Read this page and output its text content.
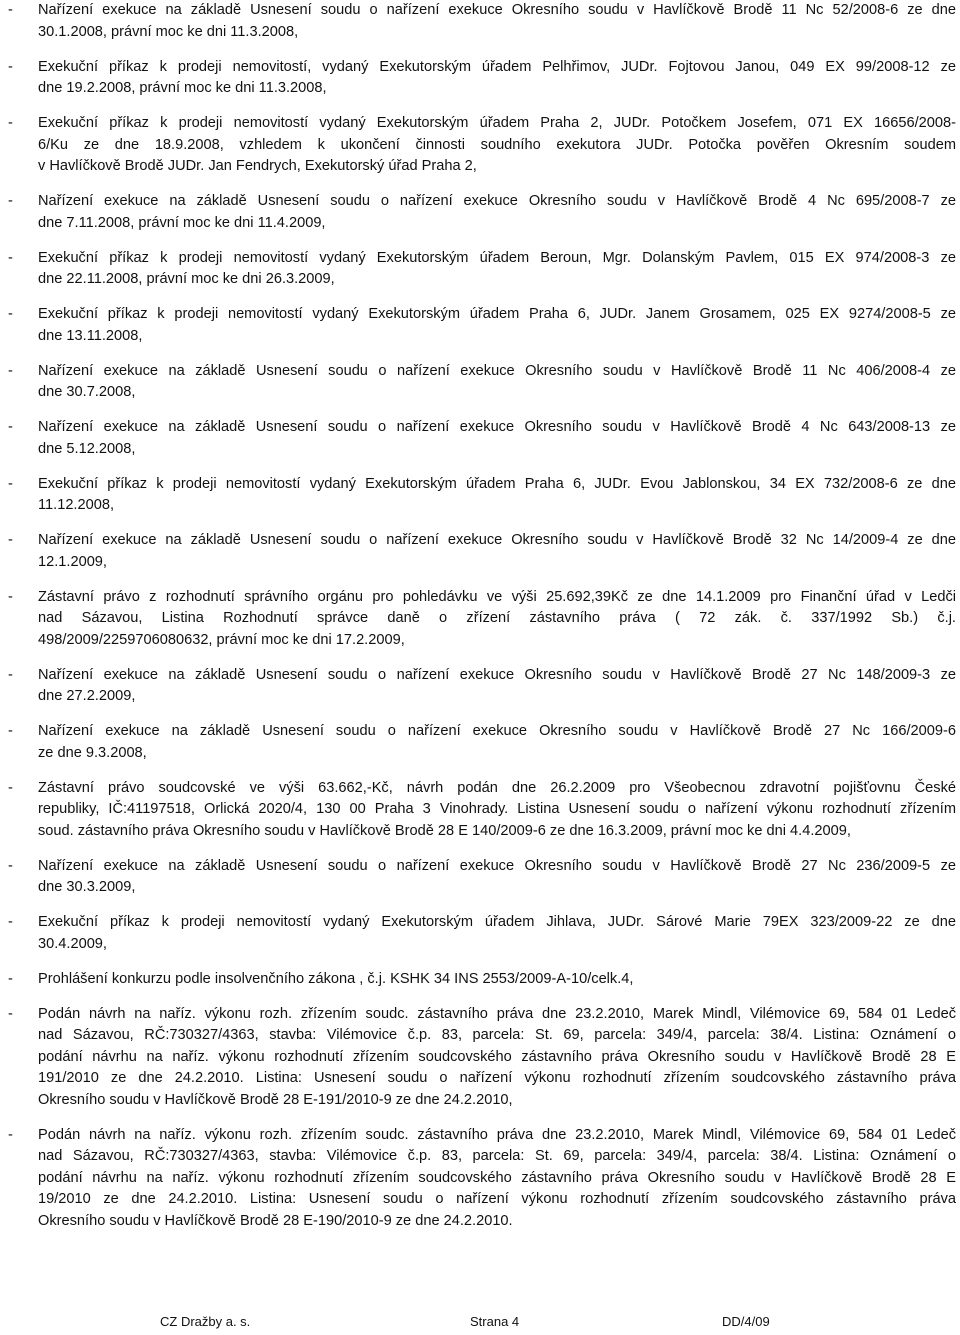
-	Nařízení exekuce na základě Usnesení soudu o nařízení exekuce Okresního soudu v Havlíčkově Brodě 11 Nc 52/2008-6 ze dne
30.1.2008, právní moc ke dni 11.3.2008,
-	Exekuční příkaz k prodeji nemovitostí, vydaný Exekutorským úřadem Pelhřimov, JUDr. Fojtovou Janou, 049 EX 99/2008-12 ze
dne 19.2.2008, právní moc ke dni 11.3.2008,
-	Exekuční příkaz k prodeji nemovitostí vydaný Exekutorským úřadem Praha 2, JUDr. Potočkem Josefem, 071 EX 16656/2008-
6/Ku ze dne 18.9.2008, vzhledem k ukončení činnosti soudního exekutora JUDr. Potočka pověřen Okresním soudem
v Havlíčkově Brodě JUDr. Jan Fendrych, Exekutorský úřad Praha 2,
-	Nařízení exekuce na základě Usnesení soudu o nařízení exekuce Okresního soudu v Havlíčkově Brodě 4 Nc 695/2008-7 ze
dne 7.11.2008, právní moc ke dni 11.4.2009,
-	Exekuční příkaz k prodeji nemovitostí vydaný Exekutorským úřadem Beroun, Mgr. Dolanským Pavlem, 015 EX 974/2008-3 ze
dne 22.11.2008, právní moc ke dni 26.3.2009,
-	Exekuční příkaz k prodeji nemovitostí vydaný Exekutorským úřadem Praha 6, JUDr. Janem Grosamem, 025 EX 9274/2008-5 ze
dne 13.11.2008,
-	Nařízení exekuce na základě Usnesení soudu o nařízení exekuce Okresního soudu v Havlíčkově Brodě 11 Nc 406/2008-4 ze
dne 30.7.2008,
-	Nařízení exekuce na základě Usnesení soudu o nařízení exekuce Okresního soudu v Havlíčkově Brodě 4 Nc 643/2008-13 ze
dne 5.12.2008,
-	Exekuční příkaz k prodeji nemovitostí vydaný Exekutorským úřadem Praha 6, JUDr. Evou Jablonskou, 34 EX 732/2008-6 ze dne
11.12.2008,
-	Nařízení exekuce na základě Usnesení soudu o nařízení exekuce Okresního soudu v Havlíčkově Brodě 32 Nc 14/2009-4 ze dne
12.1.2009,
-	Zástavní právo z rozhodnutí správního orgánu pro pohledávku ve výši 25.692,39Kč ze dne 14.1.2009 pro Finanční úřad v Ledči
nad Sázavou, Listina Rozhodnutí správce daně o zřízení zástavního práva ( 72 zák. č. 337/1992 Sb.) č.j.
498/2009/2259706080632, právní moc ke dni 17.2.2009,
-	Nařízení exekuce na základě Usnesení soudu o nařízení exekuce Okresního soudu v Havlíčkově Brodě 27 Nc 148/2009-3 ze
dne 27.2.2009,
-	Nařízení exekuce na základě Usnesení soudu o nařízení exekuce Okresního soudu v Havlíčkově Brodě 27 Nc 166/2009-6
ze dne 9.3.2008,
-	Zástavní právo soudcovské ve výši 63.662,-Kč, návrh podán dne 26.2.2009 pro Všeobecnou zdravotní pojišťovnu České
republiky, IČ:41197518, Orlická 2020/4, 130 00 Praha 3 Vinohrady. Listina Usnesení soudu o nařízení výkonu rozhodnutí zřízením
soud. zástavního práva Okresního soudu v Havlíčkově Brodě 28 E 140/2009-6 ze dne 16.3.2009, právní moc ke dni 4.4.2009,
-	Nařízení exekuce na základě Usnesení soudu o nařízení exekuce Okresního soudu v Havlíčkově Brodě 27 Nc 236/2009-5 ze
dne 30.3.2009,
-	Exekuční příkaz k prodeji nemovitostí vydaný Exekutorským úřadem Jihlava, JUDr. Sárové Marie 79EX 323/2009-22 ze dne
30.4.2009,
-	Prohlášení konkurzu podle insolvenčního zákona , č.j. KSHK 34 INS 2553/2009-A-10/celk.4,
-	Podán návrh na naříz. výkonu rozh. zřízením soudc. zástavního práva dne 23.2.2010, Marek Mindl, Vilémovice 69, 584 01 Ledeč
nad Sázavou, RČ:730327/4363, stavba: Vilémovice č.p. 83, parcela: St. 69, parcela: 349/4, parcela: 38/4. Listina: Oznámení o
podání návrhu na naříz. výkonu rozhodnutí zřízením soudcovského zástavního práva Okresního soudu v Havlíčkově Brodě 28 E
191/2010 ze dne 24.2.2010. Listina: Usnesení soudu o nařízení výkonu rozhodnutí zřízením soudcovského zástavního práva
Okresního soudu v Havlíčkově Brodě 28 E-191/2010-9 ze dne 24.2.2010,
-	Podán návrh na naříz. výkonu rozh. zřízením soudc. zástavního práva dne 23.2.2010, Marek Mindl, Vilémovice 69, 584 01 Ledeč
nad Sázavou, RČ:730327/4363, stavba: Vilémovice č.p. 83, parcela: St. 69, parcela: 349/4, parcela: 38/4. Listina: Oznámení o
podání návrhu na naříz. výkonu rozhodnutí zřízením soudcovského zástavního práva Okresního soudu v Havlíčkově Brodě 28 E
19/2010 ze dne 24.2.2010. Listina: Usnesení soudu o nařízení výkonu rozhodnutí zřízením soudcovského zástavního práva
Okresního soudu v Havlíčkově Brodě 28 E-190/2010-9 ze dne 24.2.2010.
CZ Dražby a. s.	Strana 4	DD/4/09
